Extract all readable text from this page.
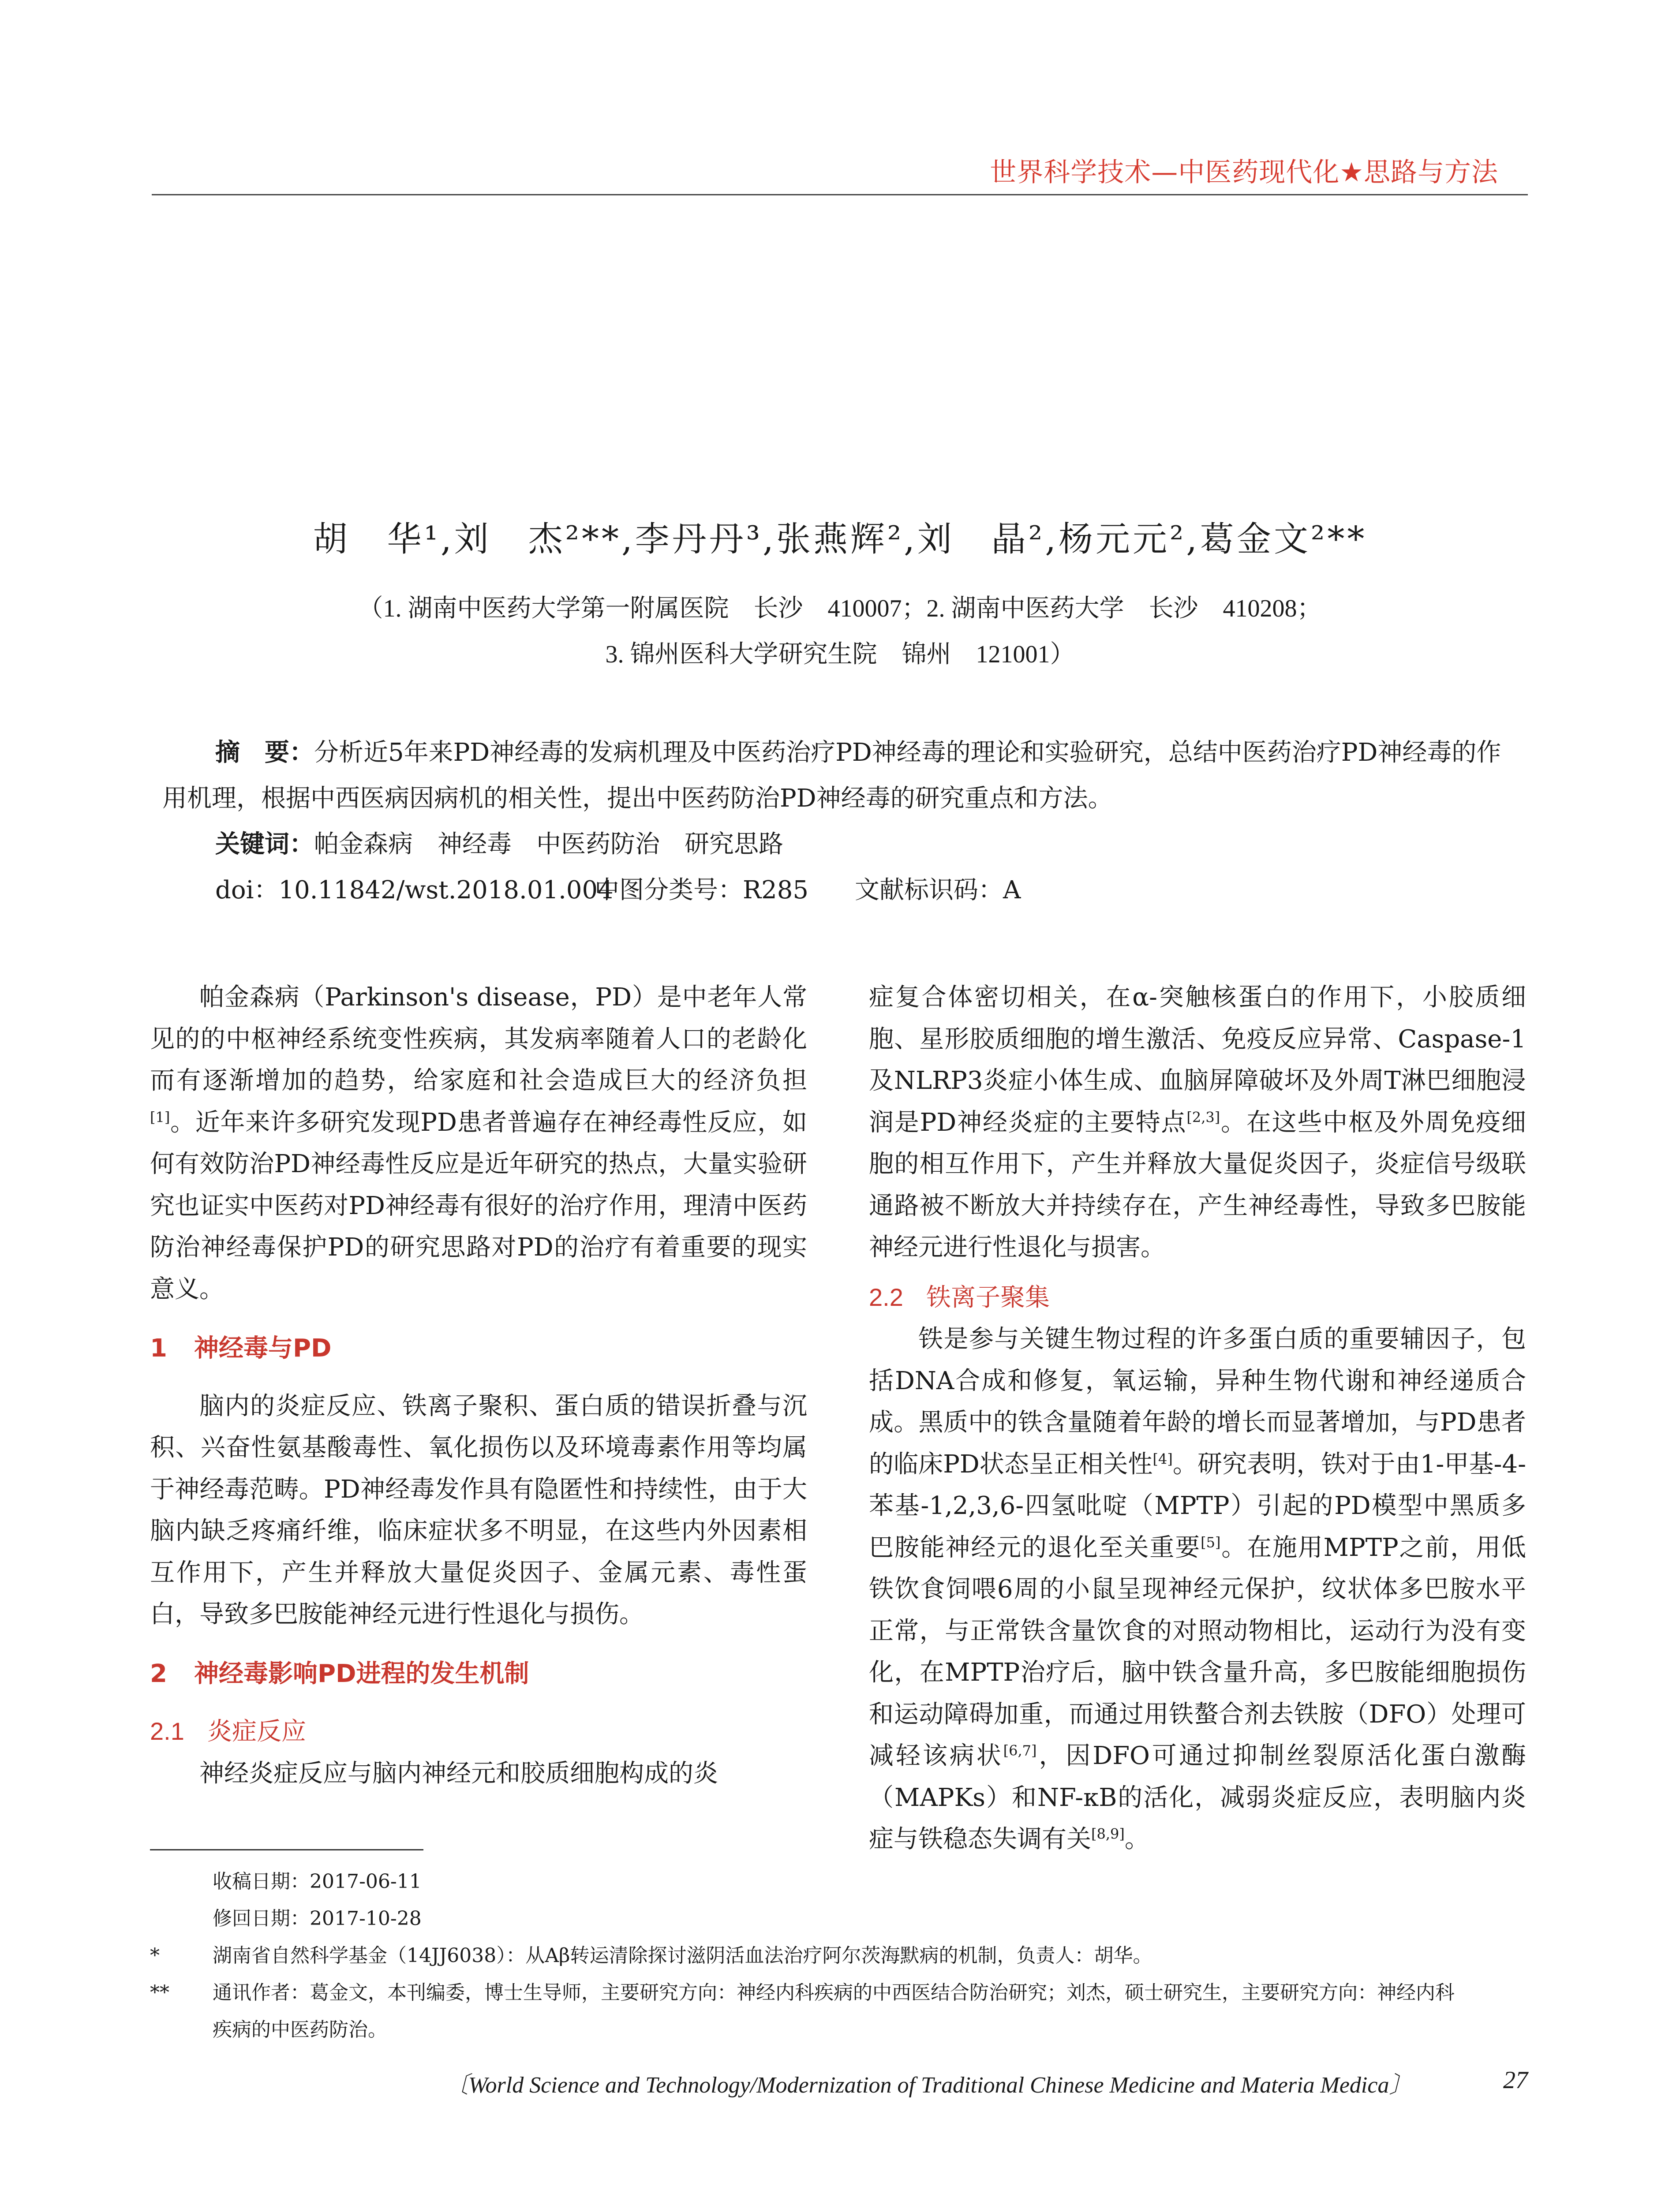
世界科学技术—中医药现代化★思路与方法
胡　华¹,刘　杰²**,李丹丹³,张燕辉²,刘　晶²,杨元元²,葛金文²**
（1. 湖南中医药大学第一附属医院　长沙　410007；2. 湖南中医药大学　长沙　410208；
3. 锦州医科大学研究生院　锦州　121001）

摘　要：分析近5年来PD神经毒的发病机理及中医药治疗PD神经毒的理论和实验研究，总结中医药治疗PD神经毒的作用机理，根据中西医病因病机的相关性，提出中医药防治PD神经毒的研究重点和方法。

关键词：帕金森病　神经毒　中医药防治　研究思路

doi：10.11842/wst.2018.01.004中图分类号：R285 文献标识码：A

帕金森病（Parkinson's disease，PD）是中老年人常见的的中枢神经系统变性疾病，其发病率随着人口的老龄化而有逐渐增加的趋势，给家庭和社会造成巨大的经济负担[1]。近年来许多研究发现PD患者普遍存在神经毒性反应，如何有效防治PD神经毒性反应是近年研究的热点，大量实验研究也证实中医药对PD神经毒有很好的治疗作用，理清中医药防治神经毒保护PD的研究思路对PD的治疗有着重要的现实意义。

1 神经毒与PD

脑内的炎症反应、铁离子聚积、蛋白质的错误折叠与沉积、兴奋性氨基酸毒性、氧化损伤以及环境毒素作用等均属于神经毒范畴。PD神经毒发作具有隐匿性和持续性，由于大脑内缺乏疼痛纤维，临床症状多不明显，在这些内外因素相互作用下，产生并释放大量促炎因子、金属元素、毒性蛋白，导致多巴胺能神经元进行性退化与损伤。

2 神经毒影响PD进程的发生机制
2.1 炎症反应

神经炎症反应与脑内神经元和胶质细胞构成的炎

症复合体密切相关，在α-突触核蛋白的作用下，小胶质细胞、星形胶质细胞的增生激活、免疫反应异常、Caspase-1及NLRP3炎症小体生成、血脑屏障破坏及外周T淋巴细胞浸润是PD神经炎症的主要特点[2,3]。在这些中枢及外周免疫细胞的相互作用下，产生并释放大量促炎因子，炎症信号级联通路被不断放大并持续存在，产生神经毒性，导致多巴胺能神经元进行性退化与损害。

2.2 铁离子聚集

铁是参与关键生物过程的许多蛋白质的重要辅因子，包括DNA合成和修复，氧运输，异种生物代谢和神经递质合成。黑质中的铁含量随着年龄的增长而显著增加，与PD患者的临床PD状态呈正相关性[4]。研究表明，铁对于由1-甲基-4-苯基-1,2,3,6-四氢吡啶（MPTP）引起的PD模型中黑质多巴胺能神经元的退化至关重要[5]。在施用MPTP之前，用低铁饮食饲喂6周的小鼠呈现神经元保护，纹状体多巴胺水平正常，与正常铁含量饮食的对照动物相比，运动行为没有变化，在MPTP治疗后，脑中铁含量升高，多巴胺能细胞损伤和运动障碍加重，而通过用铁螯合剂去铁胺（DFO）处理可减轻该病状[6,7]，因DFO可通过抑制丝裂原活化蛋白激酶（MAPKs）和NF-κB的活化，减弱炎症反应，表明脑内炎症与铁稳态失调有关[8,9]。

收稿日期：2017-06-11
修回日期：2017-10-28
*	湖南省自然科学基金（14JJ6038）：从Aβ转运清除探讨滋阴活血法治疗阿尔茨海默病的机制，负责人：胡华。
** 通讯作者：葛金文，本刊编委，博士生导师，主要研究方向：神经内科疾病的中西医结合防治研究；刘杰，硕士研究生，主要研究方向：神经内科
疾病的中医药防治。
〔World Science and Technology/Modernization of Traditional Chinese Medicine and Materia Medica〕	27
